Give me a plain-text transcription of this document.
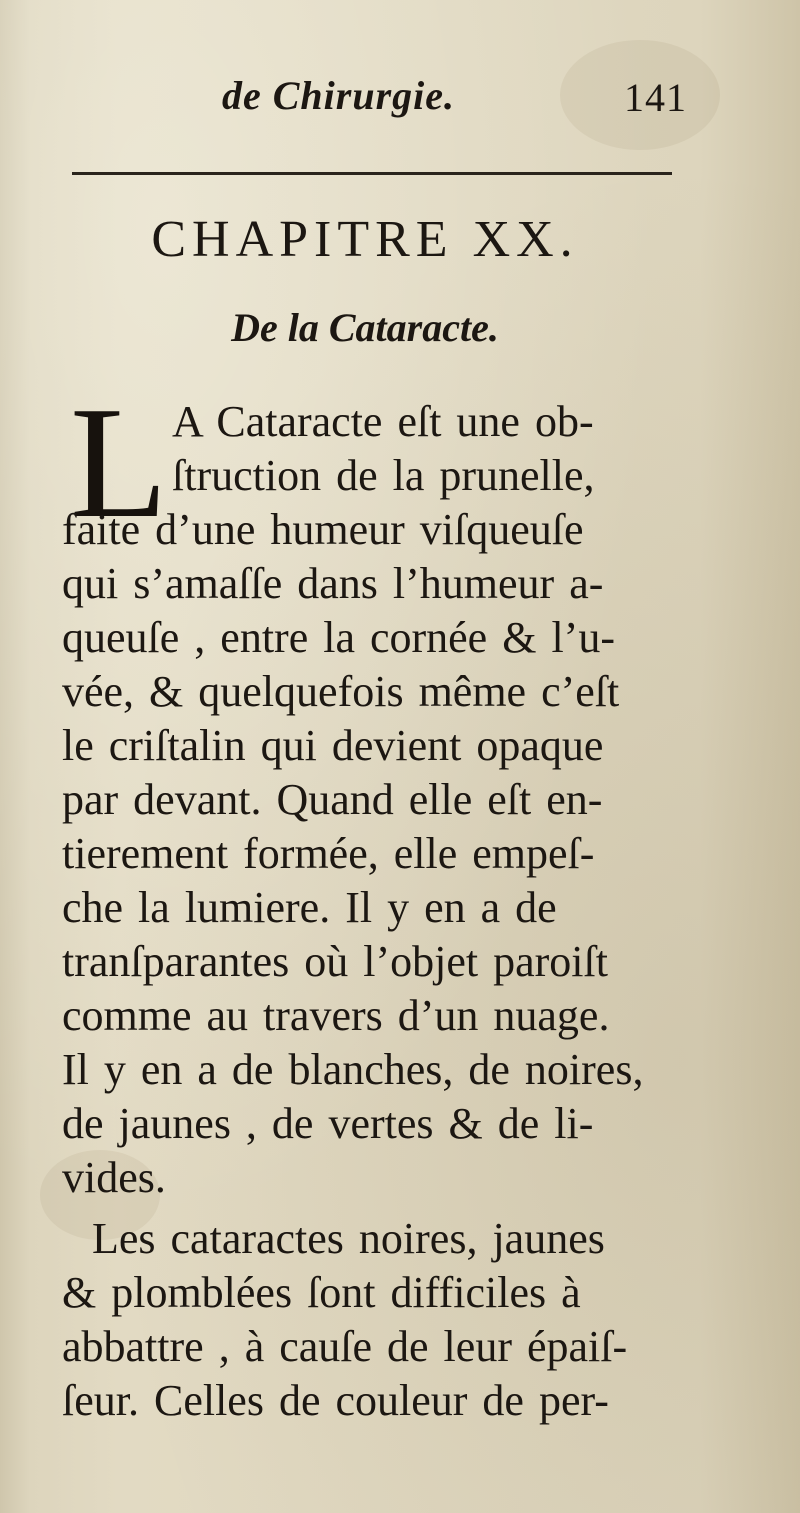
de Chirurgie.	141
CHAPITRE XX.
De la Cataracte.
L A Cataracte eſt une ob-
ſtruction de la prunelle,
faite d’une humeur viſqueuſe
qui s’amaſſe dans l’humeur a-
queuſe , entre la cornée & l’u-
vée, & quelquefois même c’eſt
le criſtalin qui devient opaque
par devant. Quand elle eſt en-
tierement formée, elle empeſ-
che la lumiere. Il y en a de
tranſparantes où l’objet paroiſt
comme au travers d’un nuage.
Il y en a de blanches, de noires,
de jaunes , de vertes & de li-
vides.
Les cataractes noires, jaunes
& plomblées ſont difficiles à
abbattre , à cauſe de leur épaiſ-
ſeur. Celles de couleur de per-
